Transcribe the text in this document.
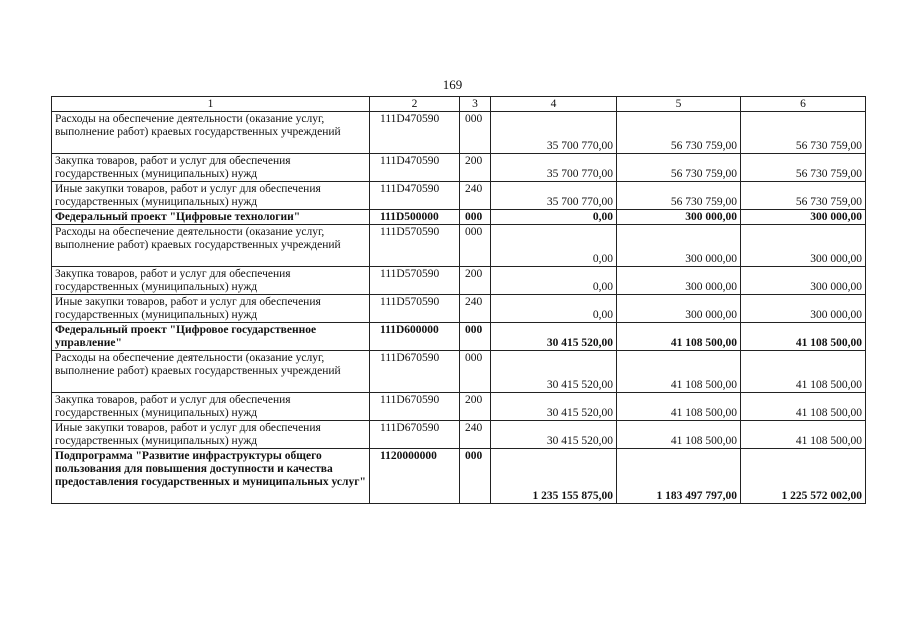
169
1	2	3	4	5	6
Расходы на обеспечение деятельности (оказание услуг, выполнение работ) краевых государственных учреждений	111D470590	000	35 700 770,00	56 730 759,00	56 730 759,00
Закупка товаров, работ и услуг для обеспечения государственных (муниципальных) нужд	111D470590	200	35 700 770,00	56 730 759,00	56 730 759,00
Иные закупки товаров, работ и услуг для обеспечения государственных (муниципальных) нужд	111D470590	240	35 700 770,00	56 730 759,00	56 730 759,00
Федеральный проект "Цифровые технологии"	111D500000	000	0,00	300 000,00	300 000,00
Расходы на обеспечение деятельности (оказание услуг, выполнение работ) краевых государственных учреждений	111D570590	000	0,00	300 000,00	300 000,00
Закупка товаров, работ и услуг для обеспечения государственных (муниципальных) нужд	111D570590	200	0,00	300 000,00	300 000,00
Иные закупки товаров, работ и услуг для обеспечения государственных (муниципальных) нужд	111D570590	240	0,00	300 000,00	300 000,00
Федеральный проект "Цифровое государственное управление"	111D600000	000	30 415 520,00	41 108 500,00	41 108 500,00
Расходы на обеспечение деятельности (оказание услуг, выполнение работ) краевых государственных учреждений	111D670590	000	30 415 520,00	41 108 500,00	41 108 500,00
Закупка товаров, работ и услуг для обеспечения государственных (муниципальных) нужд	111D670590	200	30 415 520,00	41 108 500,00	41 108 500,00
Иные закупки товаров, работ и услуг для обеспечения государственных (муниципальных) нужд	111D670590	240	30 415 520,00	41 108 500,00	41 108 500,00
Подпрограмма "Развитие инфраструктуры общего пользования для повышения доступности и качества предоставления государственных и муниципальных услуг"	1120000000	000	1 235 155 875,00	1 183 497 797,00	1 225 572 002,00
